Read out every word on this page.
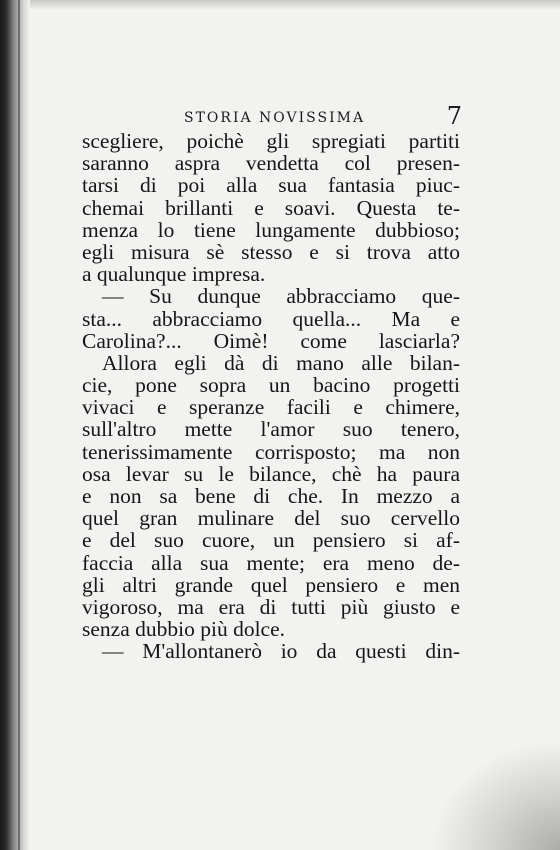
STORIA NOVISSIMA	7
scegliere, poichè gli spregiati partiti
saranno aspra vendetta col presen-
tarsi di poi alla sua fantasia piuc-
chemai brillanti e soavi. Questa te-
menza lo tiene lungamente dubbioso;
egli misura sè stesso e si trova atto
a qualunque impresa.
— Su dunque abbracciamo que-
sta... abbracciamo quella... Ma e
Carolina?... Oimè! come lasciarla?
Allora egli dà di mano alle bilan-
cie, pone sopra un bacino progetti
vivaci e speranze facili e chimere,
sull'altro mette l'amor suo tenero,
tenerissimamente corrisposto; ma non
osa levar su le bilance, chè ha paura
e non sa bene di che. In mezzo a
quel gran mulinare del suo cervello
e del suo cuore, un pensiero si af-
faccia alla sua mente; era meno de-
gli altri grande quel pensiero e men
vigoroso, ma era di tutti più giusto e
senza dubbio più dolce.
— M'allontanerò io da questi din-
